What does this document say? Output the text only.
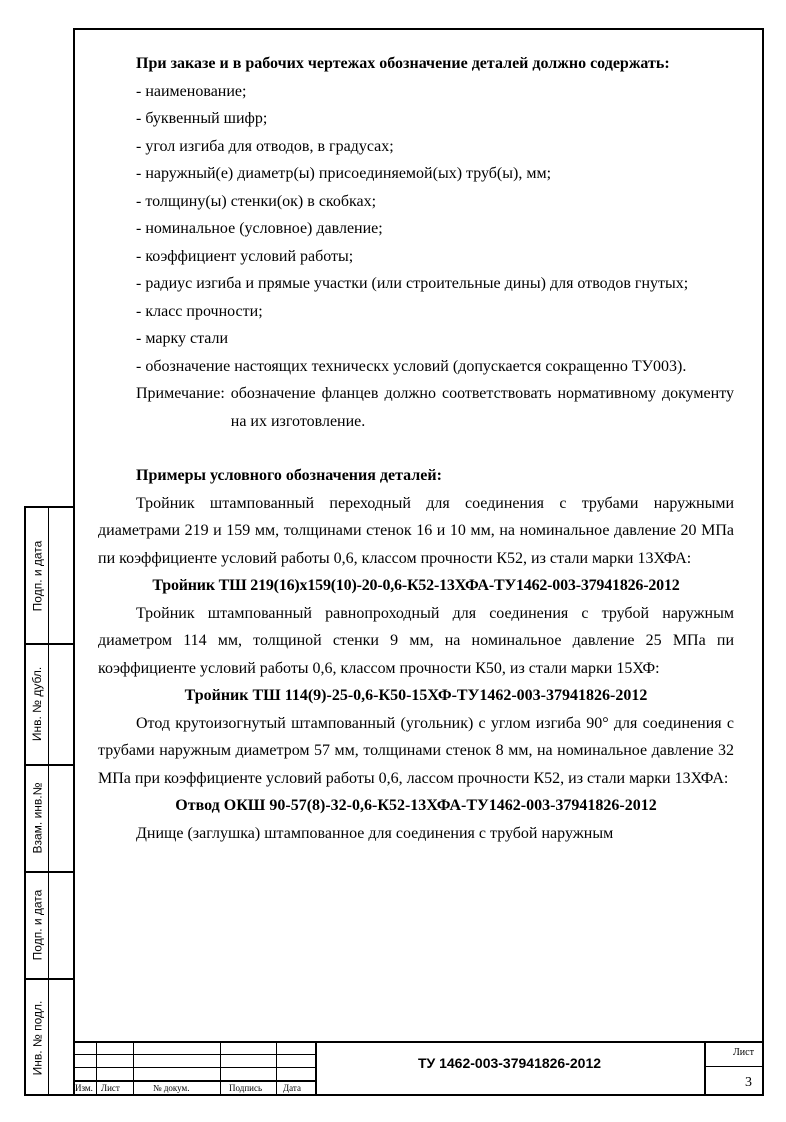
При заказе и в рабочих чертежах обозначение деталей должно содержать:

- наименование;

- буквенный шифр;

- угол изгиба для отводов, в градусах;

- наружный(е) диаметр(ы) присоединяемой(ых) труб(ы), мм;

- толщину(ы) стенки(ок) в скобках;

- номинальное (условное) давление;

- коэффициент условий работы;

- радиус изгиба и прямые участки (или строительные дины) для отводов гнутых;

- класс прочности;

- марку стали

- обозначение настоящих техническх условий (допускается сокращенно ТУ003).

Примечание: обозначение фланцев должно соответствовать нормативному документу на их изготовление.

Примеры условного обозначения деталей:

Тройник штампованный переходный для соединения с трубами наружными диаметрами 219 и 159 мм, толщинами стенок 16 и 10 мм, на номинальное давление 20 МПа пи коэффициенте условий работы 0,6, классом прочности К52, из стали марки 13ХФА:

Тройник ТШ 219(16)x159(10)-20-0,6-К52-13ХФА-ТУ1462-003-37941826-2012

Тройник штампованный равнопроходный для соединения с трубой наружным диаметром 114 мм, толщиной стенки 9 мм, на номинальное давление 25 МПа пи коэффициенте условий работы 0,6, классом прочности К50, из стали марки 15ХФ:

Тройник ТШ 114(9)-25-0,6-К50-15ХФ-ТУ1462-003-37941826-2012

Отод крутоизогнутый штампованный (угольник) с углом изгиба 90° для соединения с трубами наружным диаметром 57 мм, толщинами стенок 8 мм, на номинальное давление 32 МПа при коэффициенте условий работы 0,6, лассом прочности К52, из стали марки 13ХФА:

Отвод ОКШ 90-57(8)-32-0,6-К52-13ХФА-ТУ1462-003-37941826-2012

Днище (заглушка) штампованное для соединения с трубой наружным

Подп. и дата
Инв. № дубл.
Взам. инв.№
Подп. и дата
Инв. № подл.
Изм. Лист	№ докум.	Подпись Дата
ТУ 1462-003-37941826-2012
Лист
3
